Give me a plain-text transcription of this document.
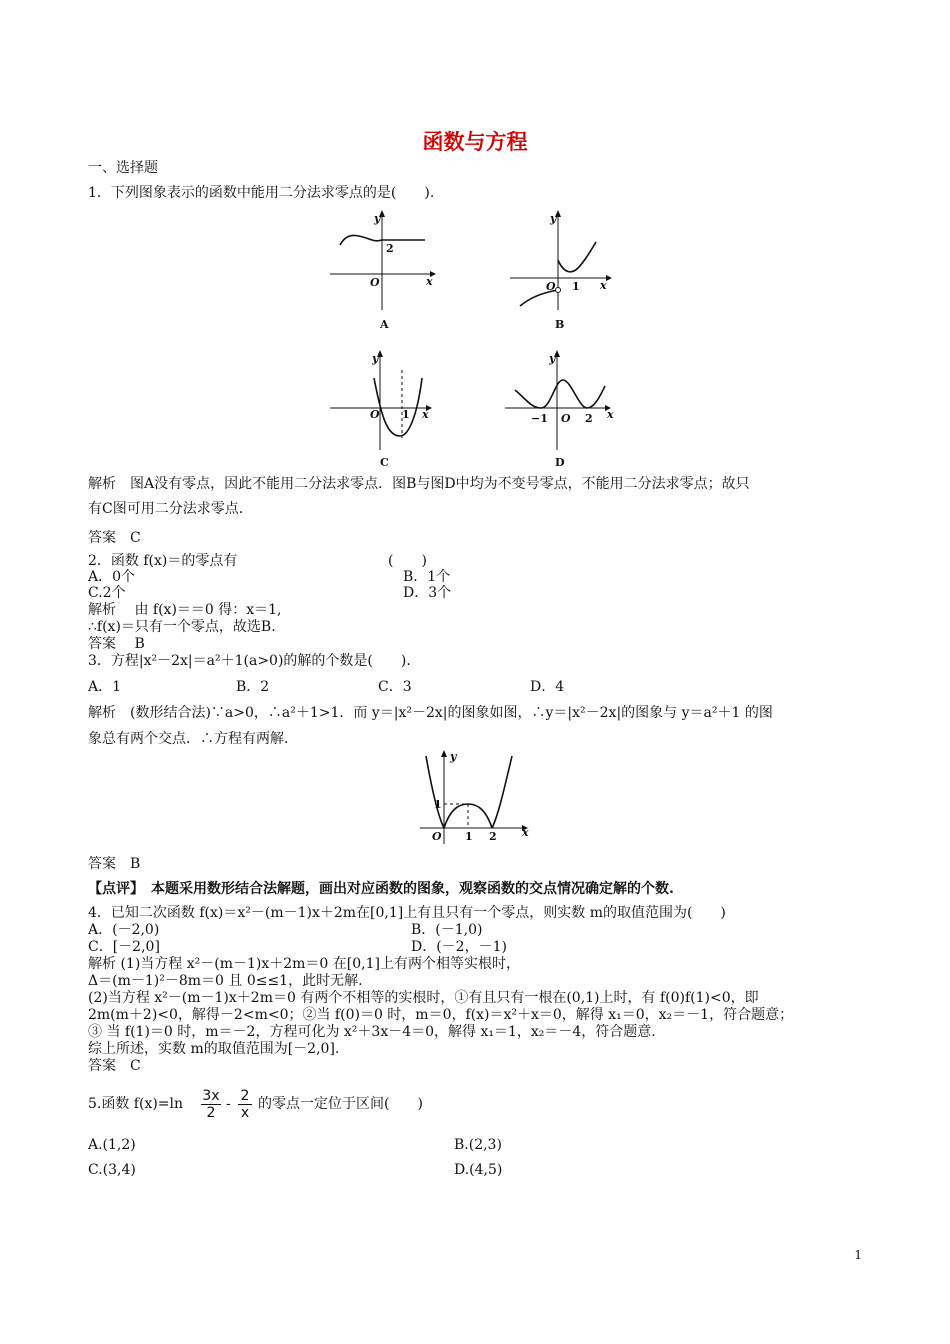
函数与方程
一、选择题
1．下列图象表示的函数中能用二分法求零点的是(　　).
y
x
O
2
A
y
x
O 1
B
y
x
O 1
C
y
x
O
−1	2
D
解析　图A没有零点，因此不能用二分法求零点．图B与图D中均为不变号零点，不能用二分法求零点；故只
有C图可用二分法求零点．
答案　C
2．函数 f(x)＝的零点有	(　　)
A．0个	B．1个
C.2个	D．3个
解析　 由 f(x)＝＝0 得：x＝1,
∴f(x)＝只有一个零点，故选B.
答案　 B
3．方程|x²－2x|＝a²＋1(a>0)的解的个数是(　　).
A．1	B．2	C．3	D．4
解析　(数形结合法)∵a>0，∴a²＋1>1．而 y＝|x²－2x|的图象如图，∴y＝|x²－2x|的图象与 y＝a²＋1 的图
象总有两个交点．∴方程有两解．
y
x
O
1
1 2
答案　B
【点评】　本题采用数形结合法解题，画出对应函数的图象，观察函数的交点情况确定解的个数.
4．已知二次函数 f(x)＝x²－(m－1)x＋2m在[0,1]上有且只有一个零点，则实数 m的取值范围为(　　)
A．(－2,0)	B．(－1,0)
C．[－2,0]	D．(－2，－1)
解析 (1)当方程 x²－(m－1)x＋2m＝0 在[0,1]上有两个相等实根时，
Δ＝(m－1)²－8m＝0 且 0≤≤1，此时无解.
(2)当方程 x²－(m－1)x＋2m＝0 有两个不相等的实根时，①有且只有一根在(0,1)上时，有 f(0)f(1)<0，即
2m(m＋2)<0，解得－2<m<0；②当 f(0)＝0 时，m＝0，f(x)＝x²＋x＝0，解得 x₁＝0，x₂＝－1，符合题意；
③ 当 f(1)＝0 时，m＝－2，方程可化为 x²＋3x－4＝0，解得 x₁＝1，x₂＝－4，符合题意.
综上所述，实数 m的取值范围为[－2,0].
答案　C
5.函数 $f(x)=\ln \frac{3x}{2} - \frac{2}{x}$ 的零点一定位于区间(　　)
A.(1,2)	B.(2,3)
C.(3,4)	D.(4,5)
1
